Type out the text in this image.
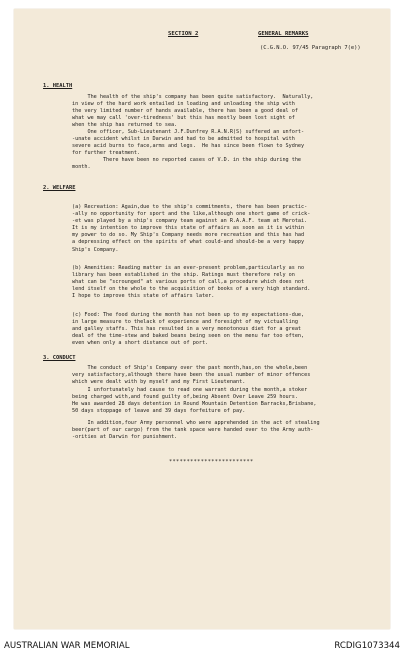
SECTION 2	GENERAL REMARKS
(C.G.N.O. 97/45 Paragraph 7(e))
1. HEALTH

The health of the ship's company has been quite satisfactory.  Naturally,
in view of the hard work entailed in loading and unloading the ship with
the very limited number of hands available, there has been a good deal of
what we may call 'over-tiredness' but this has mostly been lost sight of
when the ship has returned to sea.

One officer, Sub-Lieutenant J.F.Dunfrey R.A.N.R(S) suffered an unfort-
-unate accident whilst in Darwin and had to be admitted to hospital with
severe acid burns to face,arms and legs.  He has since been flown to Sydney
for further treatment.

There have been no reported cases of V.D. in the ship during the
month.

2. WELFARE

(a) Recreation: Again,due to the ship's commitments, there has been practic-
-ally no opportunity for sport and the like,although one short game of crick-
-et was played by a ship's company team against an R.A.A.F. team at Merotai.
It is my intention to improve this state of affairs as soon as it is within
my power to do so. My Ship's Company needs more recreation and this has had
a depressing effect on the spirits of what could-and should-be a very happy
Ship's Company.

(b) Amenities: Reading matter is an ever-present problem,particularly as no
library has been established in the ship. Ratings must therefore rely on
what can be "scrounged" at various ports of call,a procedure which does not
lend itself on the whole to the acquisition of books of a very high standard.
I hope to improve this state of affairs later.

(c) Food: The food during the month has not been up to my expectations-due,
in large measure to thelack of experience and foresight of my victualling
and galley staffs. This has resulted in a very monotonous diet for a great
deal of the time-stew and baked beans being seen on the menu far too often,
even when only a short distance out of port.

3. CONDUCT

The conduct of Ship's Company over the past month,has,on the whole,been
very satisfactory,although there have been the usual number of minor offences
which were dealt with by myself and my First Lieutenant.

I unfortunately had cause to read one warrant during the month,a stoker
being charged with,and found guilty of,being Absent Over Leave 259 hours.
He was awarded 28 days detention in Round Mountain Detention Barracks,Brisbane,
50 days stoppage of leave and 39 days forfeiture of pay.

In addition,four Army personnel who were apprehended in the act of stealing
beer(part of our cargo) from the tank space were handed over to the Army auth-
-orities at Darwin for punishment.

************************
AUSTRALIAN WAR MEMORIAL	RCDIG1073344
